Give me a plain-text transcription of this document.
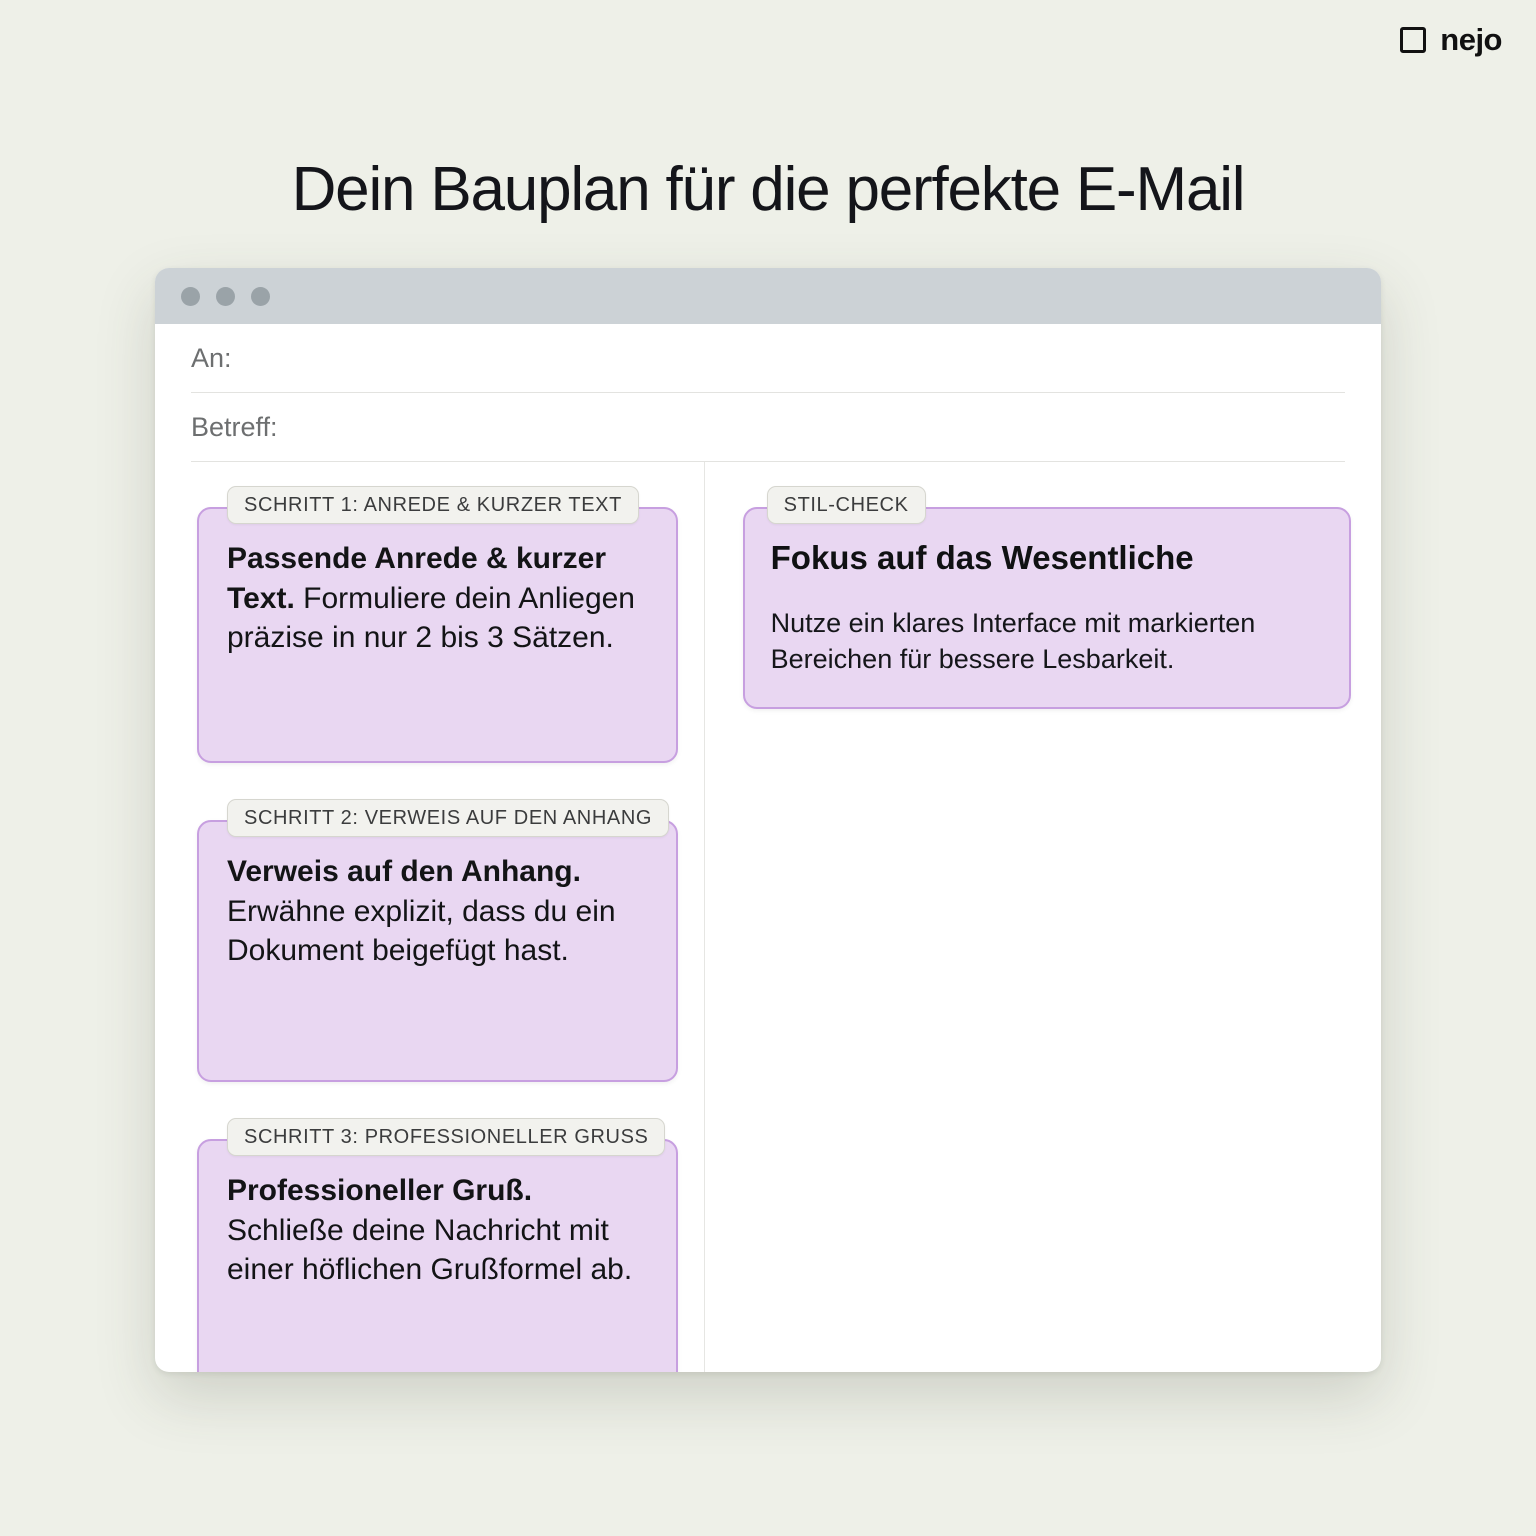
nejo
Dein Bauplan für die perfekte E-Mail
An:
Betreff:
SCHRITT 1: ANREDE & KURZER TEXT

Passende Anrede & kurzer Text. Formuliere dein Anliegen präzise in nur 2 bis 3 Sätzen.

SCHRITT 2: VERWEIS AUF DEN ANHANG

Verweis auf den Anhang. Erwähne explizit, dass du ein Dokument beigefügt hast.

SCHRITT 3: PROFESSIONELLER GRUSS

Professioneller Gruß. Schließe deine Nachricht mit einer höflichen Grußformel ab.

STIL-CHECK
Fokus auf das Wesentliche

Nutze ein klares Interface mit markierten Bereichen für bessere Lesbarkeit.
